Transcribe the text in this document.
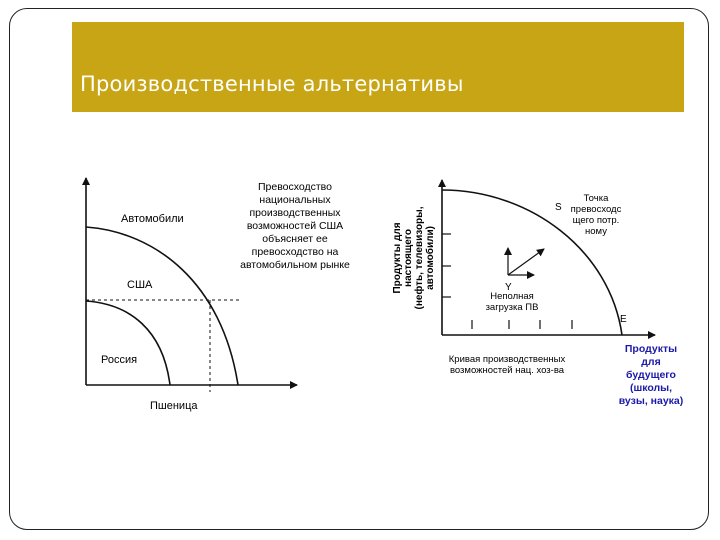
Производственные альтернативы
Автомобили
США
Россия
Пшеница
Превосходство
национальных
производственных
возможностей США
объясняет ее
превосходство на
автомобильном рынке	Продукты для настоящего (нефть, телевизоры, автомобили)
S
Y
E
Неполная
загрузка ПВ
Точка
превосходс
щего потр.
ному
Кривая производственных
возможностей нац. хоз-ва
Продукты
для
будущего
(школы,
вузы, наука)
